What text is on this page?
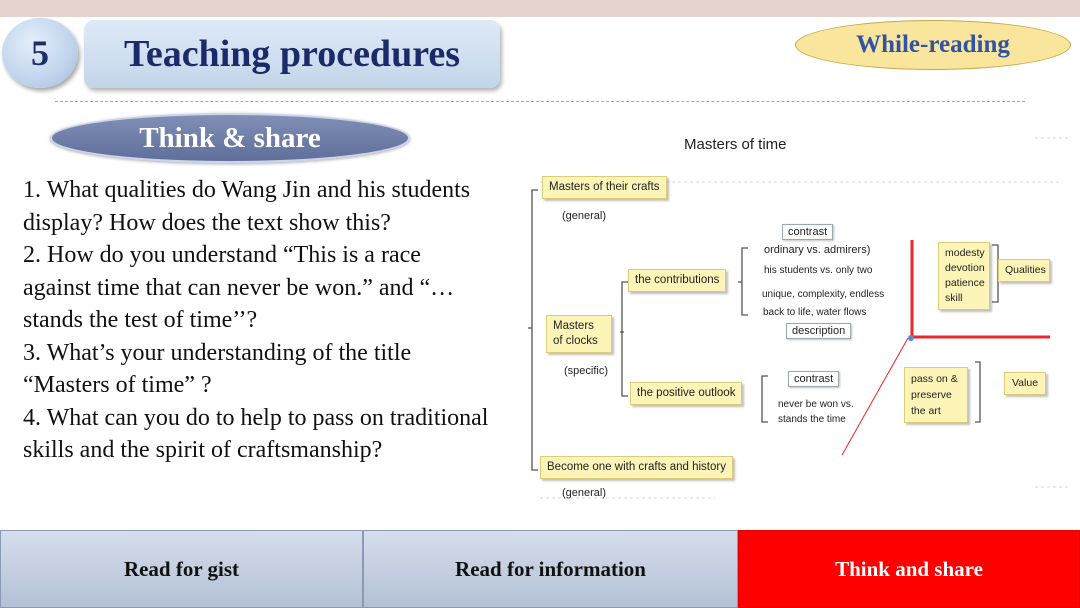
5	Teaching procedures	While-reading
Think & share

1. What qualities do Wang Jin and his students display? How does the text show this?

2. How do you understand “This is a race against time that can never be won.” and “…stands the test of time’’?

3. What’s your understanding of the title “Masters of time” ?

4. What can you do to help to pass on traditional skills and the spirit of craftsmanship?

Masters of time
Masters of their crafts
(general)
Masters of clocks
(specific)
Become one with crafts and history
(general)
the contributions
the positive outlook
contrast
ordinary vs. admirers)
his students vs. only two
unique, complexity, endless
back to life, water flows
description
contrast
never be won vs.
stands the time
modesty
devotion
patience
skill
Qualities
pass on &
preserve
the art
Value
Read for gist	Read for information	Think and share
